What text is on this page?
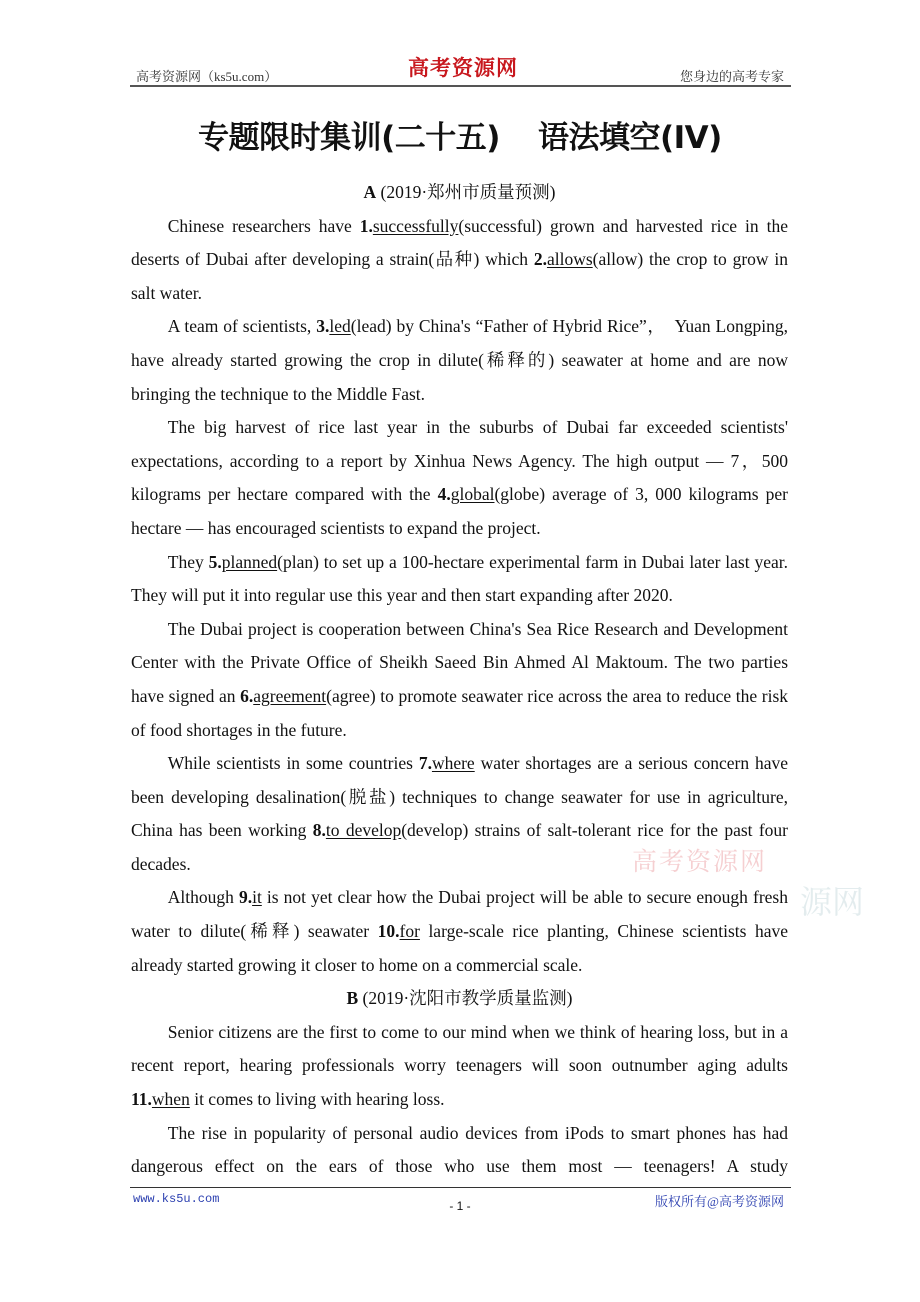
高考资源网（ks5u.com）	高考资源网	您身边的高考专家
专题限时集训(二十五) 语法填空(IV)
A (2019·郑州市质量预测)

Chinese researchers have 1.successfully(successful) grown and harvested rice in the deserts of Dubai after developing a strain(品种) which 2.allows(allow) the crop to grow in salt water.

A team of scientists, 3.led(lead) by China's “Father of Hybrid Rice”，　Yuan Longping, have already started growing the crop in dilute(稀释的) seawater at home and are now bringing the technique to the Middle Fast.

The big harvest of rice last year in the suburbs of Dubai far exceeded scientists' expectations, according to a report by Xinhua News Agency. The high output — 7，500 kilograms per hectare compared with the 4.global(globe) average of 3, 000 kilograms per hectare — has encouraged scientists to expand the project.

They 5.planned(plan) to set up a 100-hectare experimental farm in Dubai later last year.　They will put it into regular use this year and then start expanding after 2020.

The Dubai project is cooperation between China's Sea Rice Research and Development Center with the Private Office of Sheikh Saeed Bin Ahmed Al Maktoum. The two parties have signed an 6.agreement(agree) to promote seawater rice across the area to reduce the risk of food shortages in the future.

While scientists in some countries 7.where water shortages are a serious concern have been developing desalination(脱盐) techniques to change seawater for use in agriculture, China has been working 8.to develop(develop) strains of salt-tolerant rice for the past four decades.

Although 9.it is not yet clear how the Dubai project will be able to secure enough fresh water to dilute(稀释) seawater 10.for large-scale rice planting, Chinese scientists have already started growing it closer to home on a commercial scale.

B (2019·沈阳市教学质量监测)

Senior citizens are the first to come to our mind when we think of hearing loss, but in a recent report, hearing professionals worry teenagers will soon outnumber aging adults 11.when it comes to living with hearing loss.

The rise in popularity of personal audio devices from iPods to smart phones has had dangerous effect on the ears of those who use them most — teenagers! A study

高考资源网
源网
www.ks5u.com	- 1 -	版权所有@高考资源网
